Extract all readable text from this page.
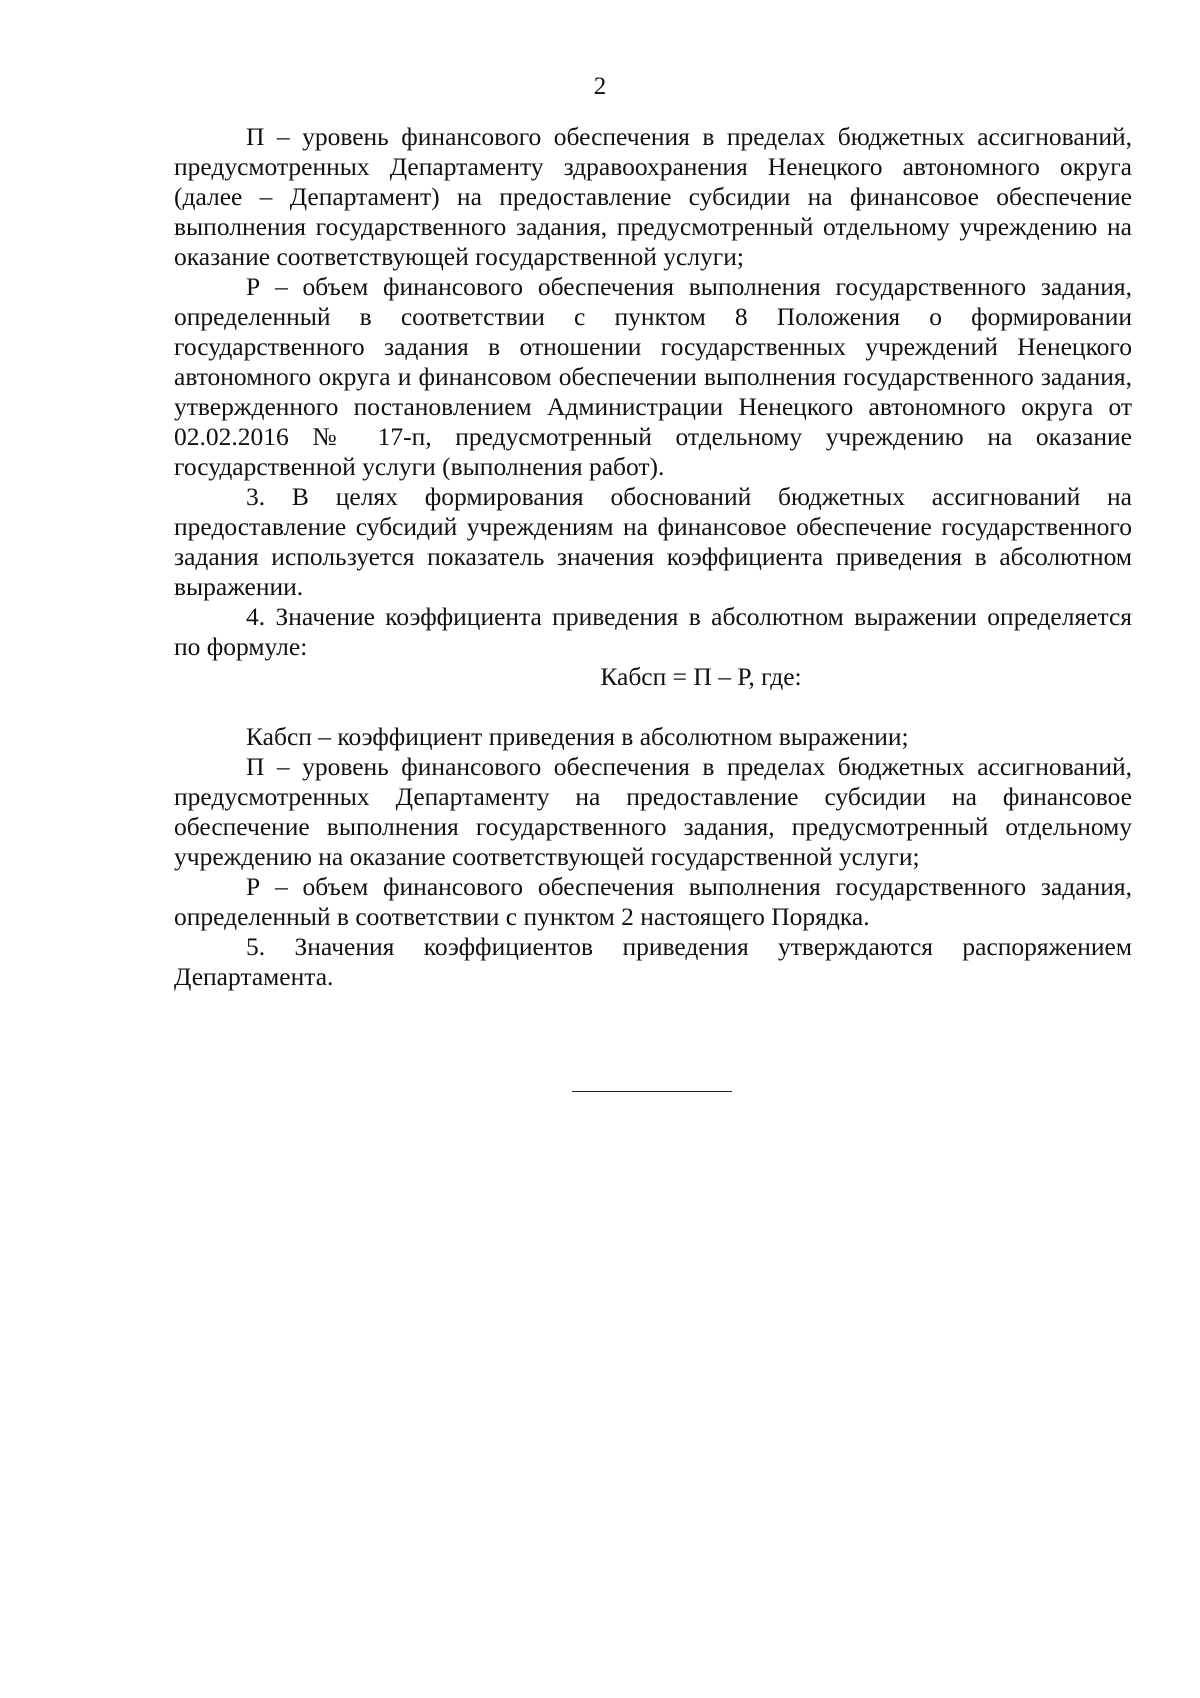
2

П – уровень финансового обеспечения в пределах бюджетных ассигнований, предусмотренных Департаменту здравоохранения Ненецкого автономного округа (далее – Департамент) на предоставление субсидии на финансовое обеспечение выполнения государственного задания, предусмотренный отдельному учреждению на оказание соответствующей государственной услуги;

Р – объем финансового обеспечения выполнения государственного задания, определенный в соответствии с пунктом 8 Положения о формировании государственного задания в отношении государственных учреждений Ненецкого автономного округа и финансовом обеспечении выполнения государственного задания, утвержденного постановлением Администрации Ненецкого автономного округа от 02.02.2016 № 17-п, предусмотренный отдельному учреждению на оказание государственной услуги (выполнения работ).

3. В целях формирования обоснований бюджетных ассигнований на предоставление субсидий учреждениям на финансовое обеспечение государственного задания используется показатель значения коэффициента приведения в абсолютном выражении.

4. Значение коэффициента приведения в абсолютном выражении определяется по формуле:

Кабсп = П – Р, где:

Кабсп – коэффициент приведения в абсолютном выражении;

П – уровень финансового обеспечения в пределах бюджетных ассигнований, предусмотренных Департаменту на предоставление субсидии на финансовое обеспечение выполнения государственного задания, предусмотренный отдельному учреждению на оказание соответствующей государственной услуги;

Р – объем финансового обеспечения выполнения государственного задания, определенный в соответствии с пунктом 2 настоящего Порядка.

5. Значения коэффициентов приведения утверждаются распоряжением Департамента.
